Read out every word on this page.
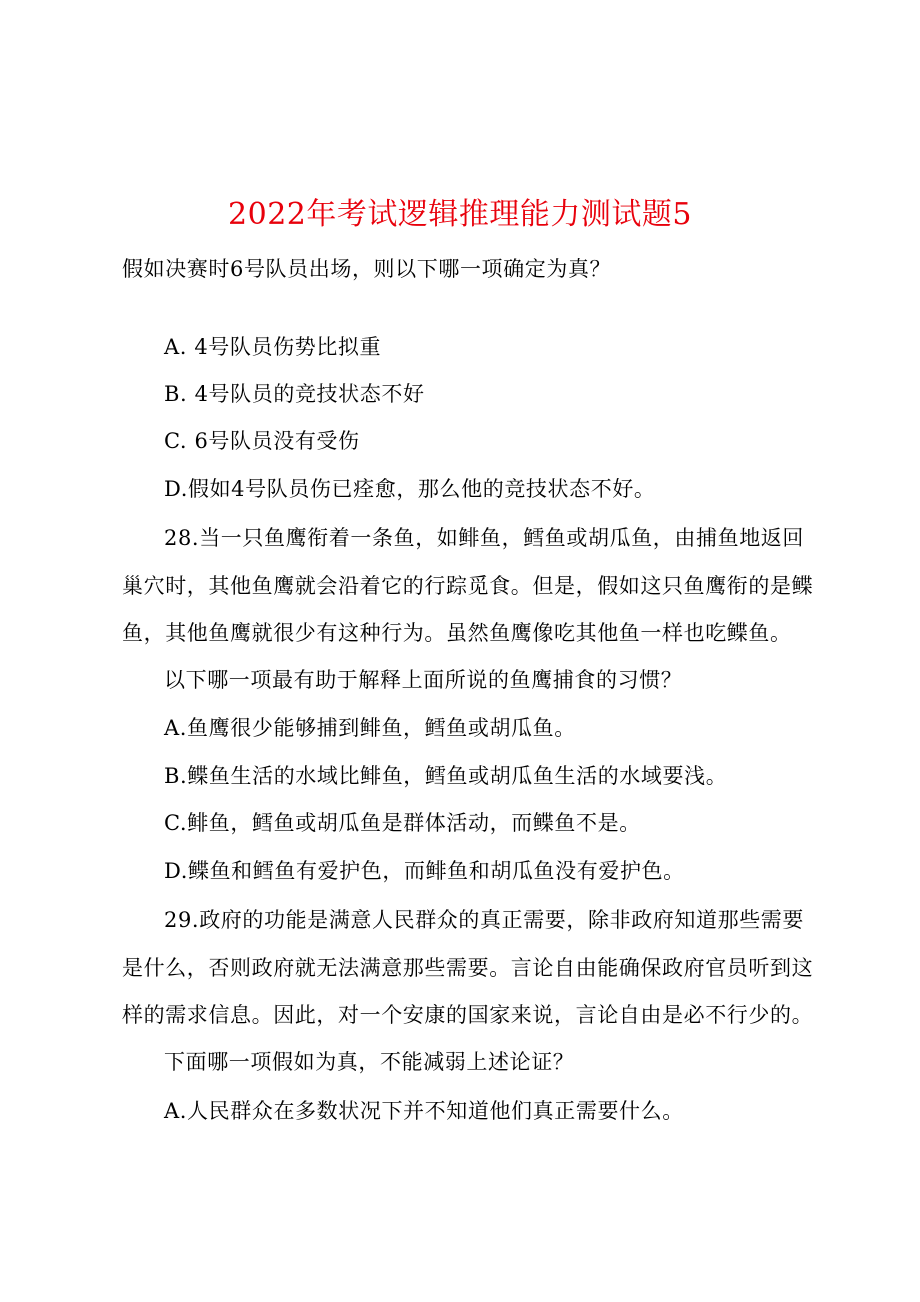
2022年考试逻辑推理能力测试题5
假如决赛时6号队员出场，则以下哪一项确定为真？
A. 4号队员伤势比拟重
B. 4号队员的竞技状态不好
C. 6号队员没有受伤
D.假如4号队员伤已痊愈，那么他的竞技状态不好。
28.当一只鱼鹰衔着一条鱼，如鲱鱼，鳕鱼或胡瓜鱼，由捕鱼地返回
巢穴时，其他鱼鹰就会沿着它的行踪觅食。但是，假如这只鱼鹰衔的是鲽
鱼，其他鱼鹰就很少有这种行为。虽然鱼鹰像吃其他鱼一样也吃鲽鱼。
以下哪一项最有助于解释上面所说的鱼鹰捕食的习惯？
A.鱼鹰很少能够捕到鲱鱼，鳕鱼或胡瓜鱼。
B.鲽鱼生活的水域比鲱鱼，鳕鱼或胡瓜鱼生活的水域要浅。
C.鲱鱼，鳕鱼或胡瓜鱼是群体活动，而鲽鱼不是。
D.鲽鱼和鳕鱼有爱护色，而鲱鱼和胡瓜鱼没有爱护色。
29.政府的功能是满意人民群众的真正需要，除非政府知道那些需要
是什么，否则政府就无法满意那些需要。言论自由能确保政府官员听到这
样的需求信息。因此，对一个安康的国家来说，言论自由是必不行少的。
下面哪一项假如为真，不能减弱上述论证？
A.人民群众在多数状况下并不知道他们真正需要什么。
